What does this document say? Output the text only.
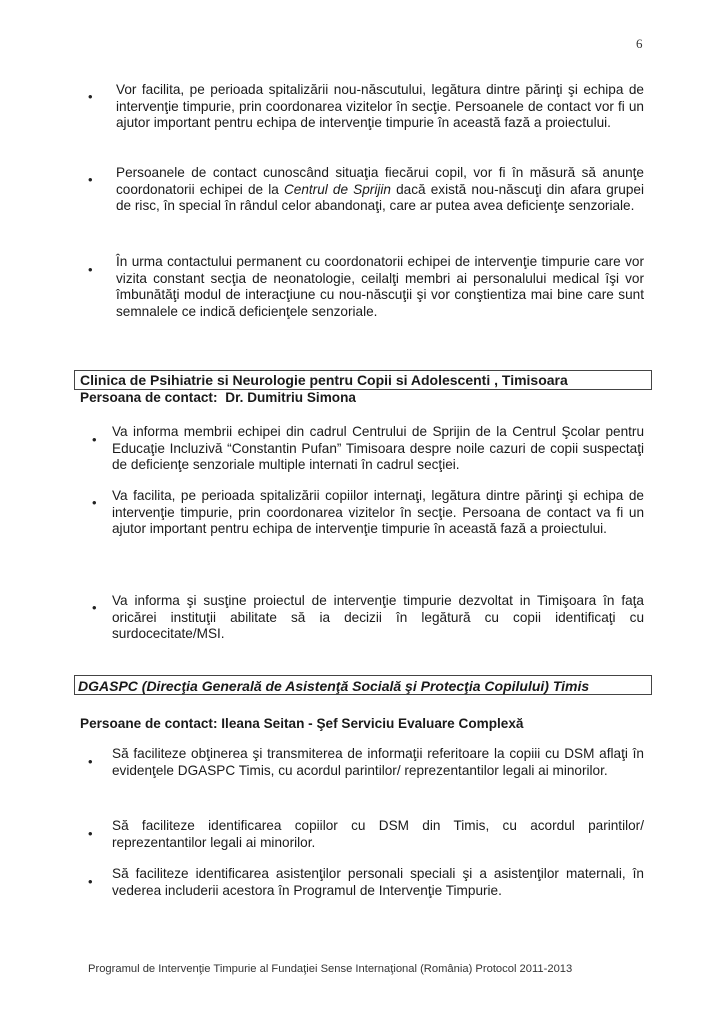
6
• Vor facilita, pe perioada spitalizării nou-născutului, legătura dintre părinţi şi echipa de intervenţie timpurie, prin coordonarea vizitelor în secţie. Persoanele de contact vor fi un ajutor important pentru echipa de intervenţie timpurie în această fază a proiectului.
• Persoanele de contact cunoscând situaţia fiecărui copil, vor fi în măsură să anunţe coordonatorii echipei de la Centrul de Sprijin dacă există nou-născuţi din afara grupei de risc, în special în rândul celor abandonaţi, care ar putea avea deficienţe senzoriale.
•
În urma contactului permanent cu coordonatorii echipei de intervenţie timpurie care vor vizita constant secţia de neonatologie, ceilalţi membri ai personalului medical îşi vor îmbunătăţi modul de interacţiune cu nou-născuţii şi vor conştientiza mai bine care sunt semnalele ce indică deficienţele senzoriale.
Clinica de Psihiatrie si Neurologie pentru Copii si Adolescenti , Timisoara
Persoana de contact: Dr. Dumitriu Simona
•
Va informa membrii echipei din cadrul Centrului de Sprijin de la Centrul Şcolar pentru Educaţie Incluzivă “Constantin Pufan” Timisoara despre noile cazuri de copii suspectaţi de deficienţe senzoriale multiple internati în cadrul secţiei.
• Va facilita, pe perioada spitalizării copiilor internaţi, legătura dintre părinţi şi echipa de intervenţie timpurie, prin coordonarea vizitelor în secţie. Persoana de contact va fi un ajutor important pentru echipa de intervenţie timpurie în această fază a proiectului.
• Va informa şi susţine proiectul de intervenţie timpurie dezvoltat in Timişoara în faţa oricărei instituţii abilitate să ia decizii în legătură cu copii identificaţi cu surdocecitate/MSI.
DGASPC (Direcţia Generală de Asistenţă Socială şi Protecţia Copilului) Timis
Persoane de contact: Ileana Seitan - Şef Serviciu Evaluare Complexă
•
Să faciliteze obţinerea şi transmiterea de informaţii referitoare la copiii cu DSM aflaţi în evidenţele DGASPC Timis, cu acordul parintilor/ reprezentantilor legali ai minorilor.
•
Să faciliteze identificarea copiilor cu DSM din Timis, cu acordul parintilor/ reprezentantilor legali ai minorilor.
•
Să faciliteze identificarea asistenţilor personali speciali şi a asistenţilor maternali, în vederea includerii acestora în Programul de Intervenţie Timpurie.
Programul de Intervenţie Timpurie al Fundaţiei Sense Internaţional (România) Protocol 2011-2013
